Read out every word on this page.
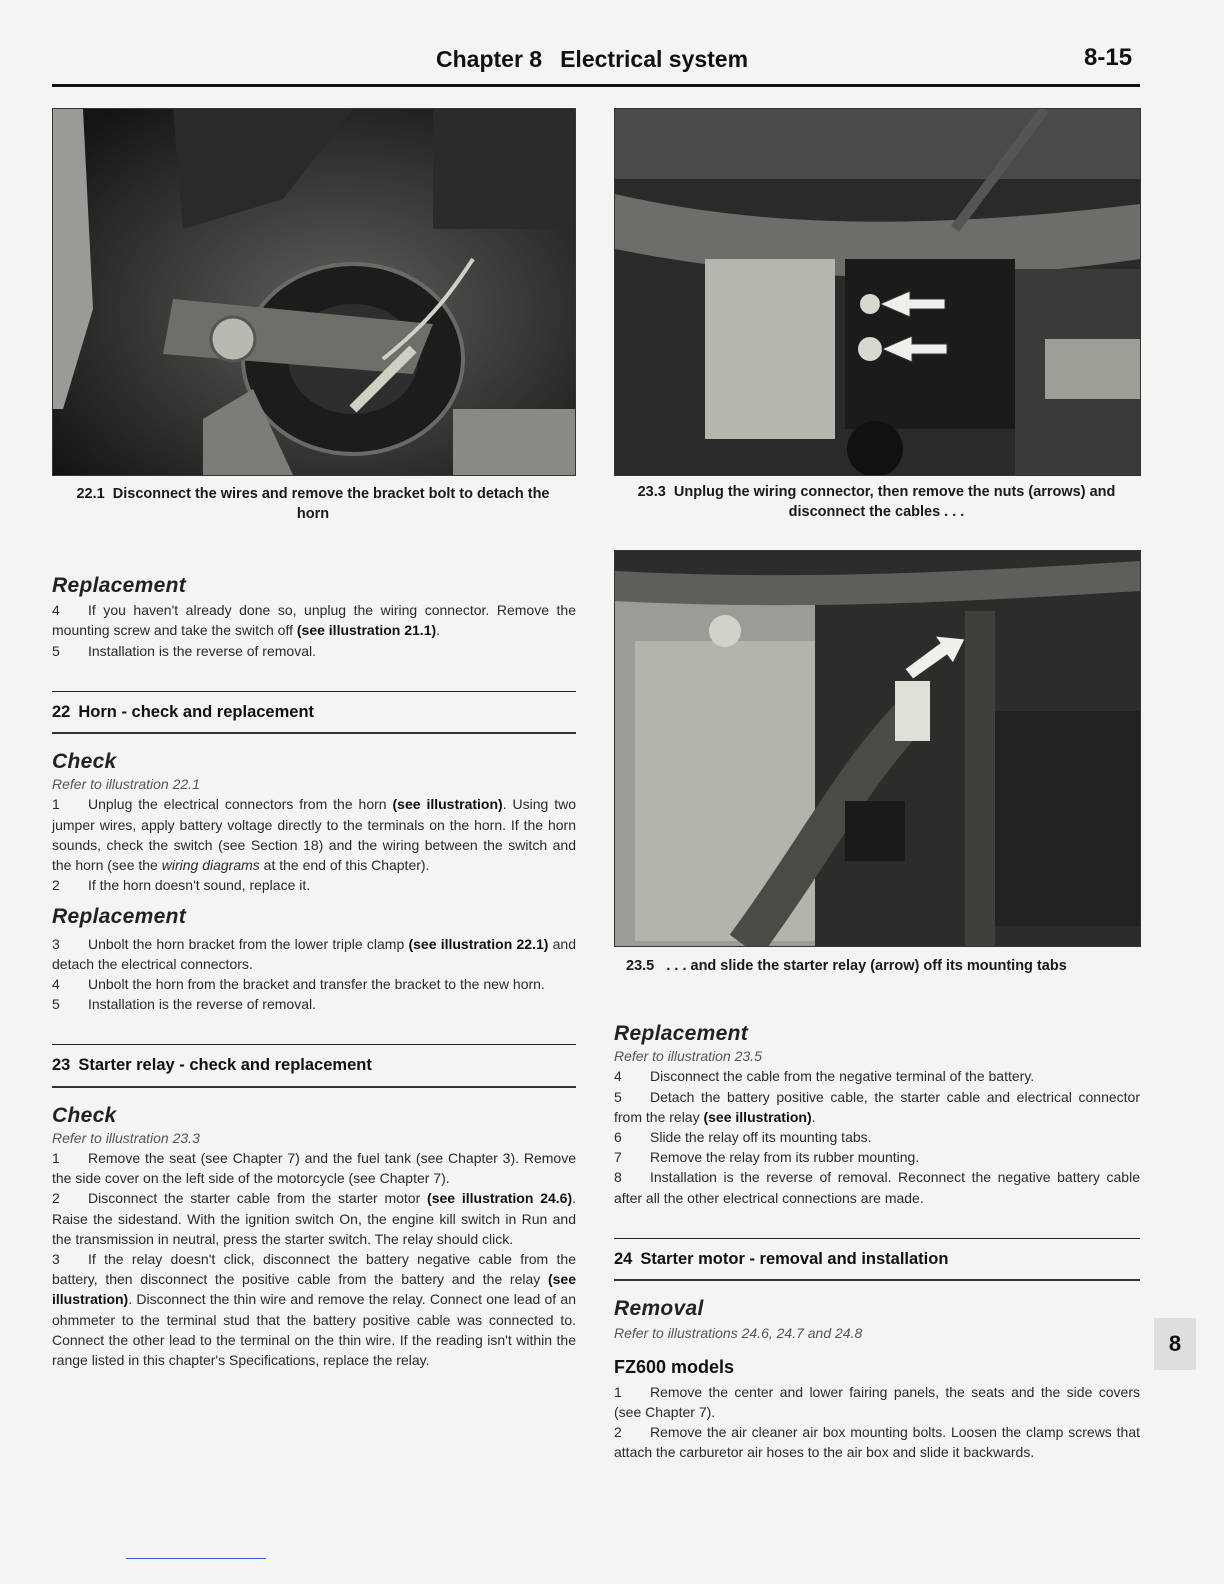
Chapter 8 Electrical system	8-15
22.1 Disconnect the wires and remove the bracket bolt to detach the horn
23.3 Unplug the wiring connector, then remove the nuts (arrows) and disconnect the cables . . .
23.5 . . . and slide the starter relay (arrow) off its mounting tabs
Replacement
4 If you haven't already done so, unplug the wiring connector. Remove the mounting screw and take the switch off (see illustration 21.1).
5 Installation is the reverse of removal.
22 Horn - check and replacement
Check
Refer to illustration 22.1
1 Unplug the electrical connectors from the horn (see illustration). Using two jumper wires, apply battery voltage directly to the terminals on the horn. If the horn sounds, check the switch (see Section 18) and the wiring between the switch and the horn (see the wiring diagrams at the end of this Chapter).
2 If the horn doesn't sound, replace it.
Replacement
3 Unbolt the horn bracket from the lower triple clamp (see illustration 22.1) and detach the electrical connectors.
4 Unbolt the horn from the bracket and transfer the bracket to the new horn.
5 Installation is the reverse of removal.
23 Starter relay - check and replacement
Check
Refer to illustration 23.3
1 Remove the seat (see Chapter 7) and the fuel tank (see Chapter 3). Remove the side cover on the left side of the motorcycle (see Chapter 7).
2 Disconnect the starter cable from the starter motor (see illustration 24.6). Raise the sidestand. With the ignition switch On, the engine kill switch in Run and the transmission in neutral, press the starter switch. The relay should click.
3 If the relay doesn't click, disconnect the battery negative cable from the battery, then disconnect the positive cable from the battery and the relay (see illustration). Disconnect the thin wire and remove the relay. Connect one lead of an ohmmeter to the terminal stud that the battery positive cable was connected to. Connect the other lead to the terminal on the thin wire. If the reading isn't within the range listed in this chapter's Specifications, replace the relay.
Replacement
Refer to illustration 23.5
4 Disconnect the cable from the negative terminal of the battery.
5 Detach the battery positive cable, the starter cable and electrical connector from the relay (see illustration).
6 Slide the relay off its mounting tabs.
7 Remove the relay from its rubber mounting.
8 Installation is the reverse of removal. Reconnect the negative battery cable after all the other electrical connections are made.
24 Starter motor - removal and installation
Removal
Refer to illustrations 24.6, 24.7 and 24.8
FZ600 models
1 Remove the center and lower fairing panels, the seats and the side covers (see Chapter 7).
2 Remove the air cleaner air box mounting bolts. Loosen the clamp screws that attach the carburetor air hoses to the air box and slide it backwards.
8
